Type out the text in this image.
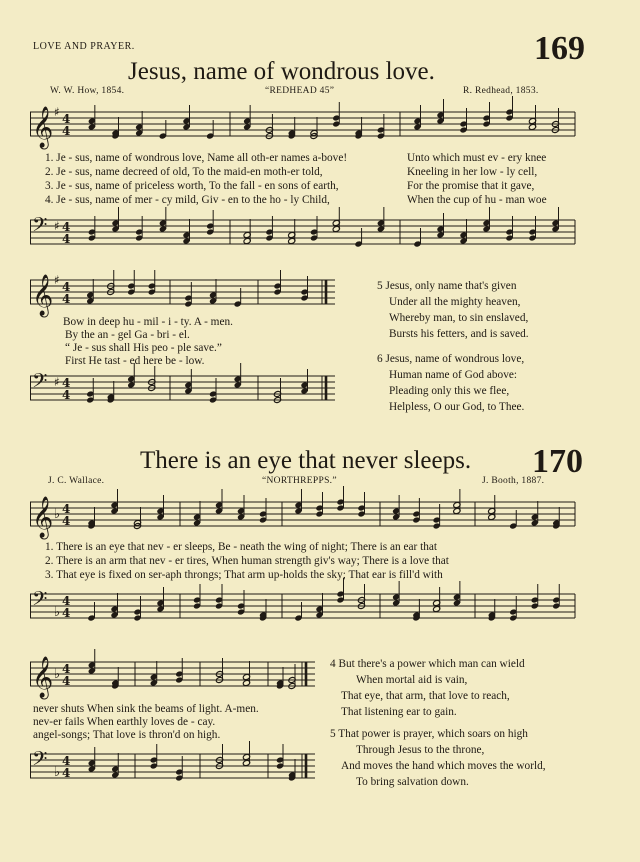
LOVE AND PRAYER.	169
Jesus, name of wondrous love.
W. W. How, 1854.	“REDHEAD 45”	R. Redhead, 1853.
𝄞 ♯ 4
4
1. Je - sus, name of wondrous love, Name all oth-er names a-bove!	Unto which must ev - ery knee
2. Je - sus, name decreed of old, To the maid-en moth-er told,	Kneeling in her low - ly cell,
3. Je - sus, name of priceless worth, To the fall - en sons of earth,	For the promise that it gave,
4. Je - sus, name of mer - cy mild, Giv - en to the ho - ly Child,	When the cup of hu - man woe
𝄢 ♯ 4
4
𝄞 ♯ 4
4
Bow in deep hu - mil - i - ty. A - men.
By the an - gel Ga - bri - el.
“ Je - sus shall His peo - ple save.”
First He tast - ed here be - low.
𝄢 ♯ 4
4
5 Jesus, only name that's given
Under all the mighty heaven,
Whereby man, to sin enslaved,
Bursts his fetters, and is saved.
6 Jesus, name of wondrous love,
Human name of God above:
Pleading only this we flee,
Helpless, O our God, to Thee.
There is an eye that never sleeps. 170
J. C. Wallace.	“NORTHREPPS.”	J. Booth, 1887.
𝄞 ♭ 4
4
1. There is an eye that nev - er sleeps, Be - neath the wing of night; There is an ear that
2. There is an arm that nev - er tires, When human strength giv's way; There is a love that
3. That eye is fixed on ser-aph throngs; That arm up-holds the sky; That ear is fill'd with
𝄢 ♭
4
4
𝄞 ♭ 4
4
never shuts When sink the beams of light. A-men.
nev-er fails When earthly loves de - cay.
angel-songs; That love is thron'd on high.
𝄢 ♭
4
4
4 But there's a power which man can wield
When mortal aid is vain,
That eye, that arm, that love to reach,
That listening ear to gain.
5 That power is prayer, which soars on high
Through Jesus to the throne,
And moves the hand which moves the world,
To bring salvation down.
